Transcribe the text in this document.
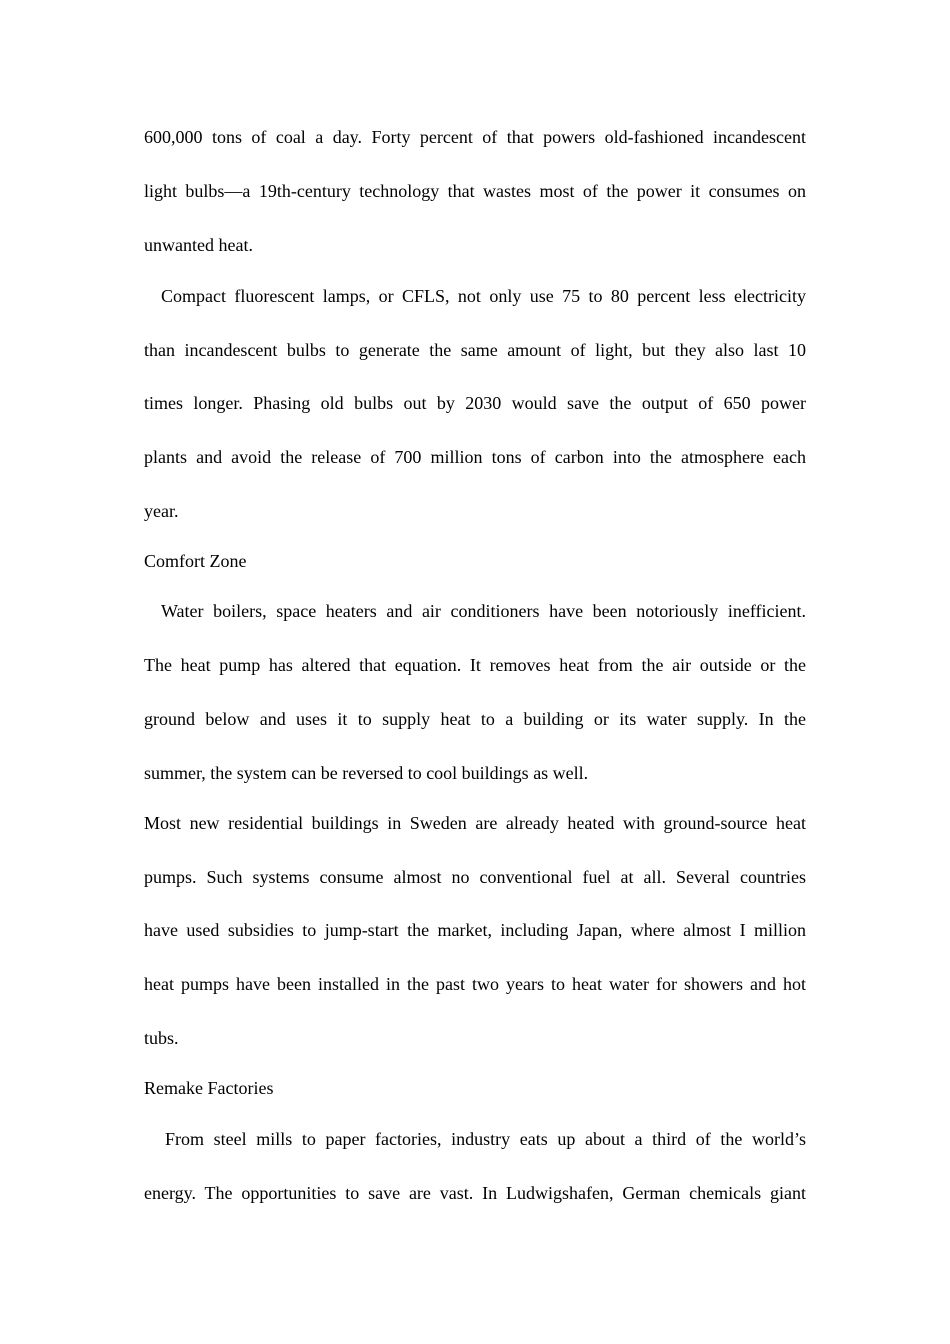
600,000 tons of coal a day. Forty percent of that powers old-fashioned incandescent
light bulbs—a 19th-century technology that wastes most of the power it consumes on
unwanted heat.
Compact fluorescent lamps, or CFLS, not only use 75 to 80 percent less electricity
than incandescent bulbs to generate the same amount of light, but they also last 10
times longer. Phasing old bulbs out by 2030 would save the output of 650 power
plants and avoid the release of 700 million tons of carbon into the atmosphere each
year.
Comfort Zone
Water boilers, space heaters and air conditioners have been notoriously inefficient.
The heat pump has altered that equation. It removes heat from the air outside or the
ground below and uses it to supply heat to a building or its water supply. In the
summer, the system can be reversed to cool buildings as well.
Most new residential buildings in Sweden are already heated with ground-source heat
pumps. Such systems consume almost no conventional fuel at all. Several countries
have used subsidies to jump-start the market, including Japan, where almost I million
heat pumps have been installed in the past two years to heat water for showers and hot
tubs.
Remake Factories
From steel mills to paper factories, industry eats up about a third of the world’s
energy. The opportunities to save are vast. In Ludwigshafen, German chemicals giant
